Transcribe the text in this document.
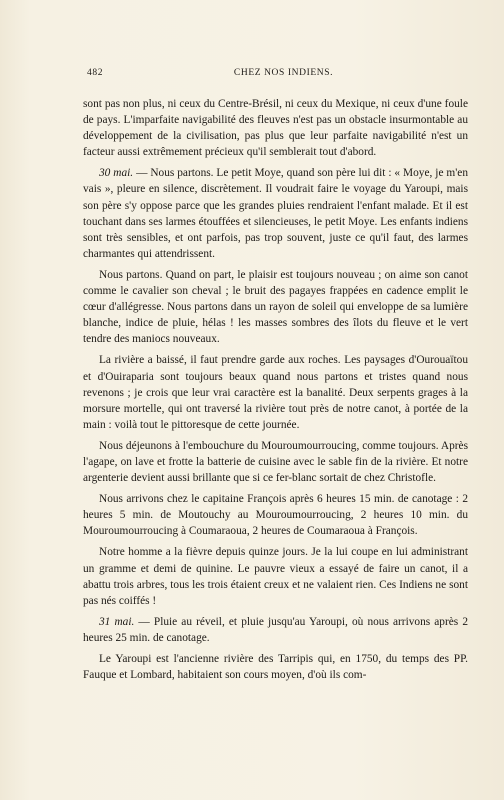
482	CHEZ NOS INDIENS.

sont pas non plus, ni ceux du Centre-Brésil, ni ceux du Mexique, ni ceux d'une foule de pays. L'imparfaite navigabilité des fleuves n'est pas un obstacle insurmontable au développement de la civilisation, pas plus que leur parfaite navigabilité n'est un facteur aussi extrêmement précieux qu'il semblerait tout d'abord.

30 mai. — Nous partons. Le petit Moye, quand son père lui dit : « Moye, je m'en vais », pleure en silence, discrètement. Il voudrait faire le voyage du Yaroupi, mais son père s'y oppose parce que les grandes pluies rendraient l'enfant malade. Et il est touchant dans ses larmes étouffées et silencieuses, le petit Moye. Les enfants indiens sont très sensibles, et ont parfois, pas trop souvent, juste ce qu'il faut, des larmes charmantes qui attendrissent.

Nous partons. Quand on part, le plaisir est toujours nouveau ; on aime son canot comme le cavalier son cheval ; le bruit des pagayes frappées en cadence emplit le cœur d'allégresse. Nous partons dans un rayon de soleil qui enveloppe de sa lumière blanche, indice de pluie, hélas ! les masses sombres des îlots du fleuve et le vert tendre des maniocs nouveaux.

La rivière a baissé, il faut prendre garde aux roches. Les paysages d'Ourouaïtou et d'Ouiraparia sont toujours beaux quand nous partons et tristes quand nous revenons ; je crois que leur vrai caractère est la banalité. Deux serpents grages à la morsure mortelle, qui ont traversé la rivière tout près de notre canot, à portée de la main : voilà tout le pittoresque de cette journée.

Nous déjeunons à l'embouchure du Mouroumourroucing, comme toujours. Après l'agape, on lave et frotte la batterie de cuisine avec le sable fin de la rivière. Et notre argenterie devient aussi brillante que si ce fer-blanc sortait de chez Christofle.

Nous arrivons chez le capitaine François après 6 heures 15 min. de canotage : 2 heures 5 min. de Moutouchy au Mouroumourroucing, 2 heures 10 min. du Mouroumourroucing à Coumaraoua, 2 heures de Coumaraoua à François.

Notre homme a la fièvre depuis quinze jours. Je la lui coupe en lui administrant un gramme et demi de quinine. Le pauvre vieux a essayé de faire un canot, il a abattu trois arbres, tous les trois étaient creux et ne valaient rien. Ces Indiens ne sont pas nés coiffés !

31 mai. — Pluie au réveil, et pluie jusqu'au Yaroupi, où nous arrivons après 2 heures 25 min. de canotage.

Le Yaroupi est l'ancienne rivière des Tarripis qui, en 1750, du temps des PP. Fauque et Lombard, habitaient son cours moyen, d'où ils com-
